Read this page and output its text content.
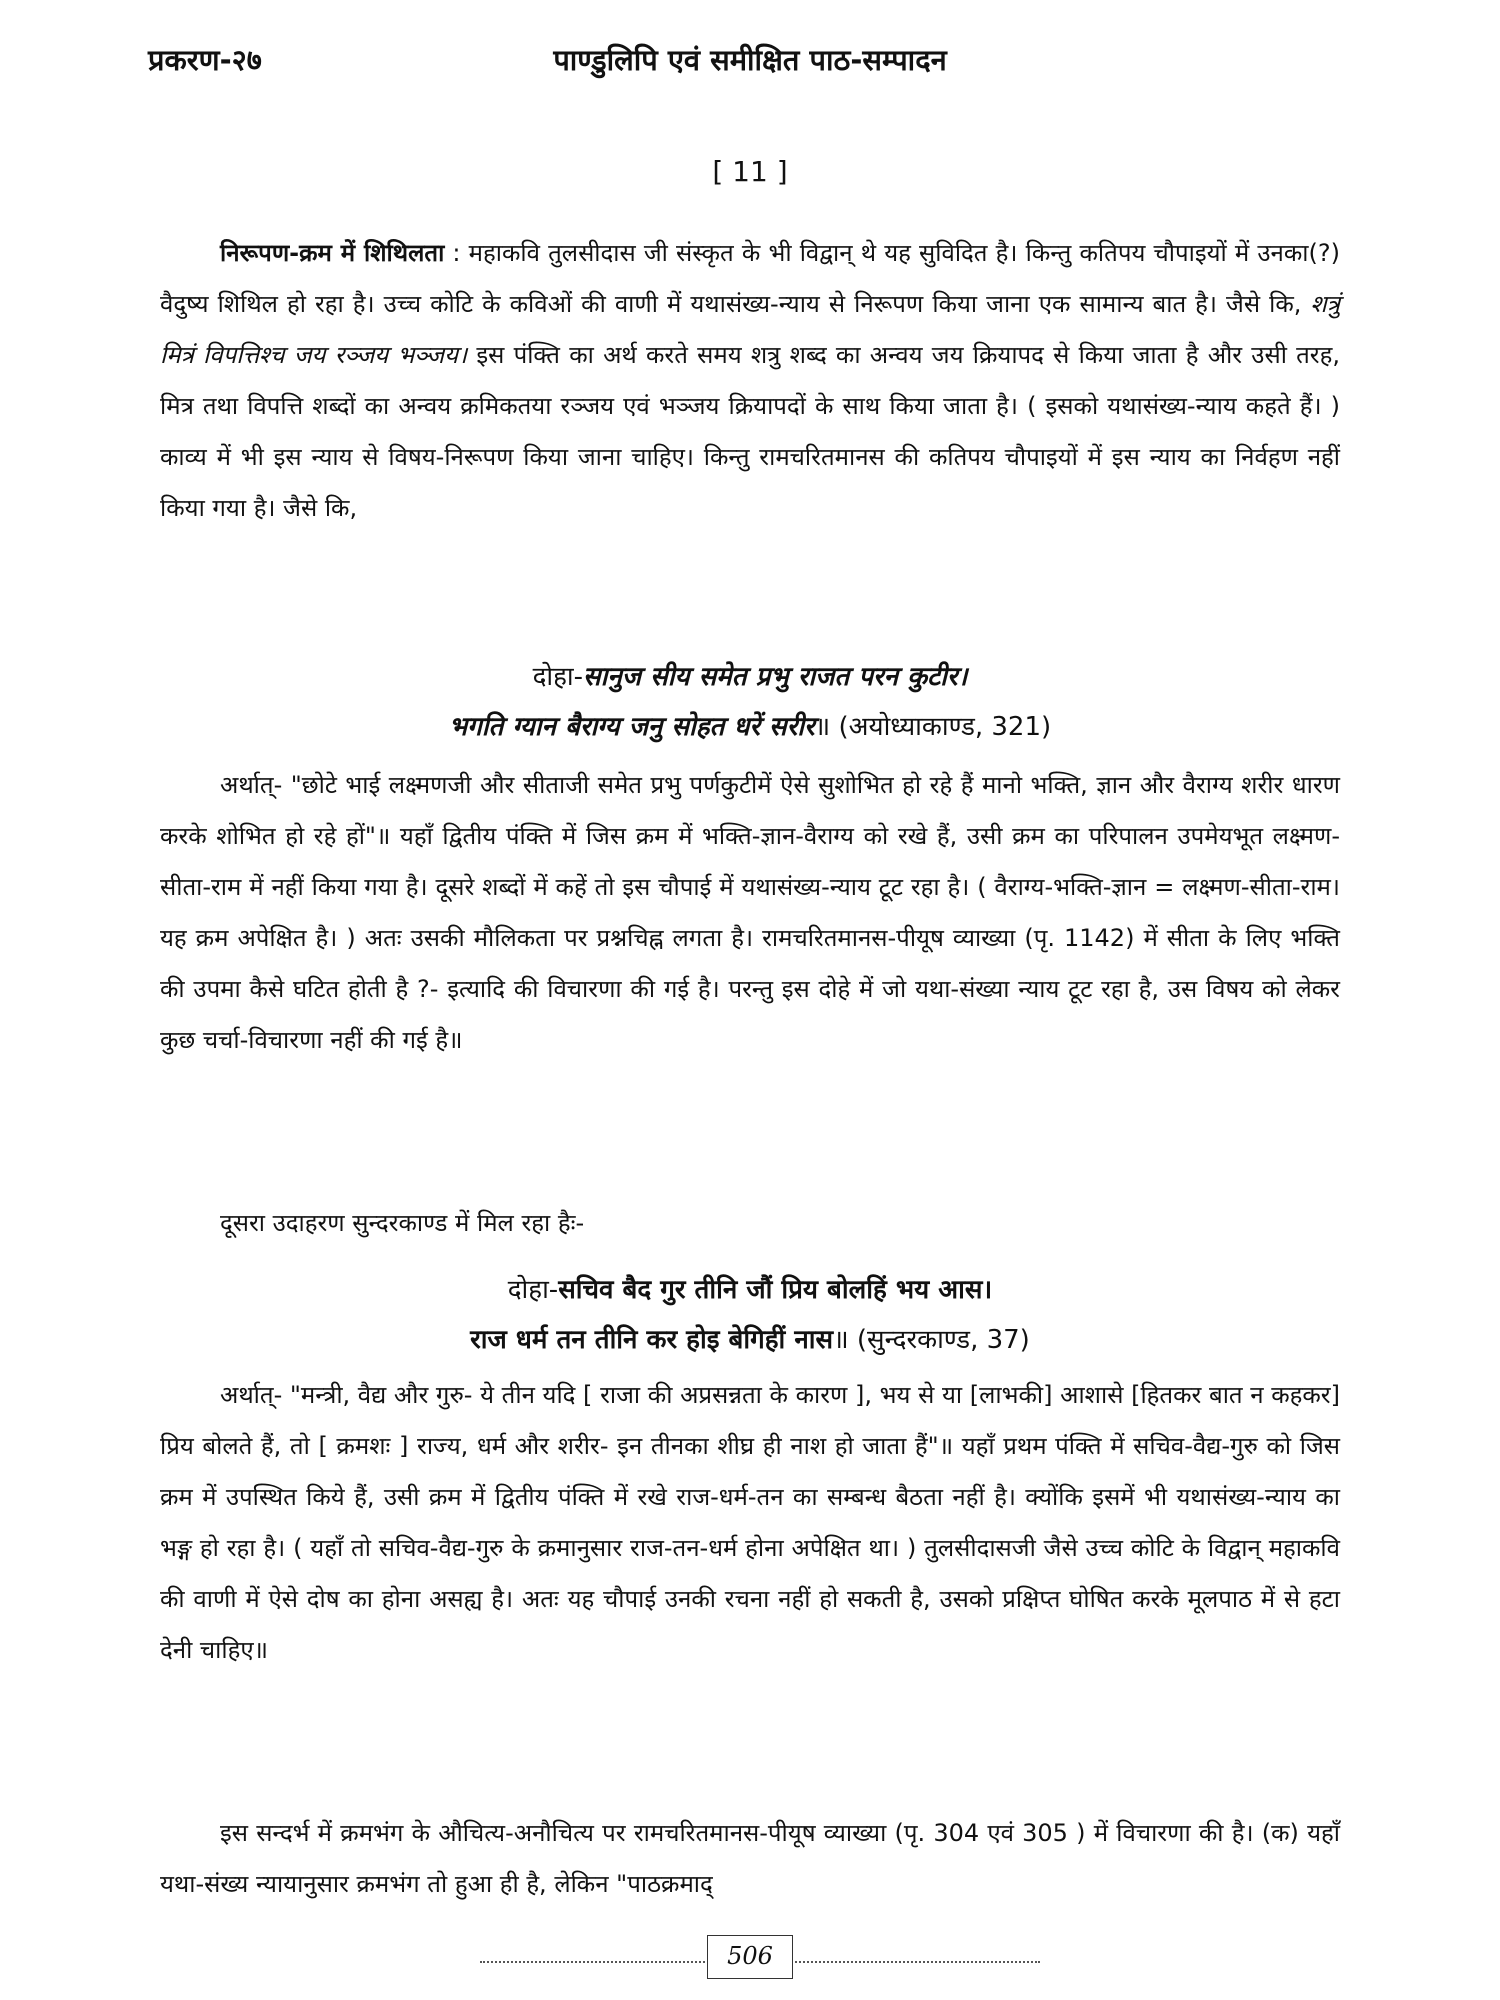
प्रकरण-२७	पाण्डुलिपि एवं समीक्षित पाठ-सम्पादन
[ 11 ]

निरूपण-क्रम में शिथिलता : महाकवि तुलसीदास जी संस्कृत के भी विद्वान् थे यह सुविदित है। किन्तु कतिपय चौपाइयों में उनका(?) वैदुष्य शिथिल हो रहा है। उच्च कोटि के कविओं की वाणी में यथासंख्य-न्याय से निरूपण किया जाना एक सामान्य बात है। जैसे कि, शत्रुं मित्रं विपत्तिश्च जय रञ्जय भञ्जय। इस पंक्ति का अर्थ करते समय शत्रु शब्द का अन्वय जय क्रियापद से किया जाता है और उसी तरह, मित्र तथा विपत्ति शब्दों का अन्वय क्रमिकतया रञ्जय एवं भञ्जय क्रियापदों के साथ किया जाता है। ( इसको यथासंख्य-न्याय कहते हैं। ) काव्य में भी इस न्याय से विषय-निरूपण किया जाना चाहिए। किन्तु रामचरितमानस की कतिपय चौपाइयों में इस न्याय का निर्वहण नहीं किया गया है। जैसे कि,

दोहा-सानुज सीय समेत प्रभु राजत परन कुटीर।
भगति ग्यान बैराग्य जनु सोहत धरें सरीर॥ (अयोध्याकाण्ड, 321)

अर्थात्- "छोटे भाई लक्ष्मणजी और सीताजी समेत प्रभु पर्णकुटीमें ऐसे सुशोभित हो रहे हैं मानो भक्ति, ज्ञान और वैराग्य शरीर धारण करके शोभित हो रहे हों"॥ यहाँ द्वितीय पंक्ति में जिस क्रम में भक्ति-ज्ञान-वैराग्य को रखे हैं, उसी क्रम का परिपालन उपमेयभूत लक्ष्मण-सीता-राम में नहीं किया गया है। दूसरे शब्दों में कहें तो इस चौपाई में यथासंख्य-न्याय टूट रहा है। ( वैराग्य-भक्ति-ज्ञान = लक्ष्मण-सीता-राम। यह क्रम अपेक्षित है। ) अतः उसकी मौलिकता पर प्रश्नचिह्न लगता है। रामचरितमानस-पीयूष व्याख्या (पृ. 1142) में सीता के लिए भक्ति की उपमा कैसे घटित होती है ?- इत्यादि की विचारणा की गई है। परन्तु इस दोहे में जो यथा-संख्या न्याय टूट रहा है, उस विषय को लेकर कुछ चर्चा-विचारणा नहीं की गई है॥

दूसरा उदाहरण सुन्दरकाण्ड में मिल रहा हैः-

दोहा-सचिव बैद गुर तीनि जौं प्रिय बोलहिं भय आस।
राज धर्म तन तीनि कर होइ बेगिहीं नास॥ (सुन्दरकाण्ड, 37)

अर्थात्- "मन्त्री, वैद्य और गुरु- ये तीन यदि [ राजा की अप्रसन्नता के कारण ], भय से या [लाभकी] आशासे [हितकर बात न कहकर] प्रिय बोलते हैं, तो [ क्रमशः ] राज्य, धर्म और शरीर- इन तीनका शीघ्र ही नाश हो जाता हैं"॥ यहाँ प्रथम पंक्ति में सचिव-वैद्य-गुरु को जिस क्रम में उपस्थित किये हैं, उसी क्रम में द्वितीय पंक्ति में रखे राज-धर्म-तन का सम्बन्ध बैठता नहीं है। क्योंकि इसमें भी यथासंख्य-न्याय का भङ्ग हो रहा है। ( यहाँ तो सचिव-वैद्य-गुरु के क्रमानुसार राज-तन-धर्म होना अपेक्षित था। ) तुलसीदासजी जैसे उच्च कोटि के विद्वान् महाकवि की वाणी में ऐसे दोष का होना असह्य है। अतः यह चौपाई उनकी रचना नहीं हो सकती है, उसको प्रक्षिप्त घोषित करके मूलपाठ में से हटा देनी चाहिए॥

इस सन्दर्भ में क्रमभंग के औचित्य-अनौचित्य पर रामचरितमानस-पीयूष व्याख्या (पृ. 304 एवं 305 ) में विचारणा की है। (क) यहाँ यथा-संख्य न्यायानुसार क्रमभंग तो हुआ ही है, लेकिन "पाठक्रमाद्

506
